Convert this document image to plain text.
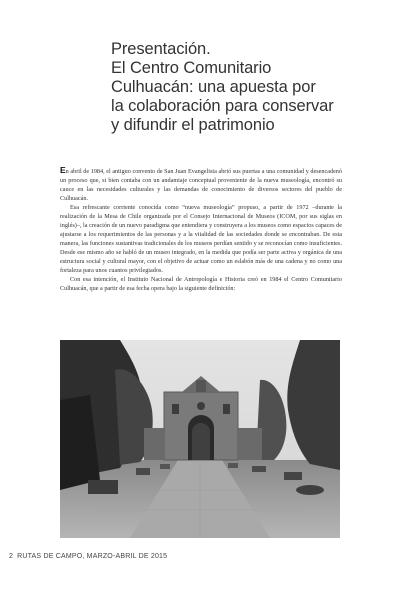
Presentación.
El Centro Comunitario
Culhuacán: una apuesta por
la colaboración para conservar
y difundir el patrimonio

En abril de 1984, el antiguo convento de San Juan Evangelista abrió sus puertas a una comunidad y desencadenó un proceso que, si bien contaba con un andamiaje conceptual proveniente de la nueva museología, encontró su cauce en las necesidades culturales y las demandas de conocimiento de diversos sectores del pueblo de Culhuacán.

Esa refrescante corriente conocida como “nueva museología” propuso, a partir de 1972 –durante la realización de la Mesa de Chile organizada por el Consejo Internacional de Museos (ICOM, por sus siglas en inglés)–, la creación de un nuevo paradigma que entendiera y construyera a los museos como espacios capaces de ajustarse a los requerimientos de las personas y a la vitalidad de las sociedades donde se encontraban. De esta manera, las funciones sustantivas tradicionales de los museos perdían sentido y se reconocían como insuficientes. Desde ese mismo año se habló de un museo integrado, en la medida que podía ser parte activa y orgánica de una estructura social y cultural mayor, con el objetivo de actuar como un eslabón más de una cadena y no como una fortaleza para unos cuantos privilegiados.

Con esa intención, el Instituto Nacional de Antropología e Historia creó en 1984 el Centro Comunitario Culhuacán, que a partir de esa fecha opera bajo la siguiente definición:

2 RUTAS DE CAMPO, MARZO-ABRIL DE 2015
